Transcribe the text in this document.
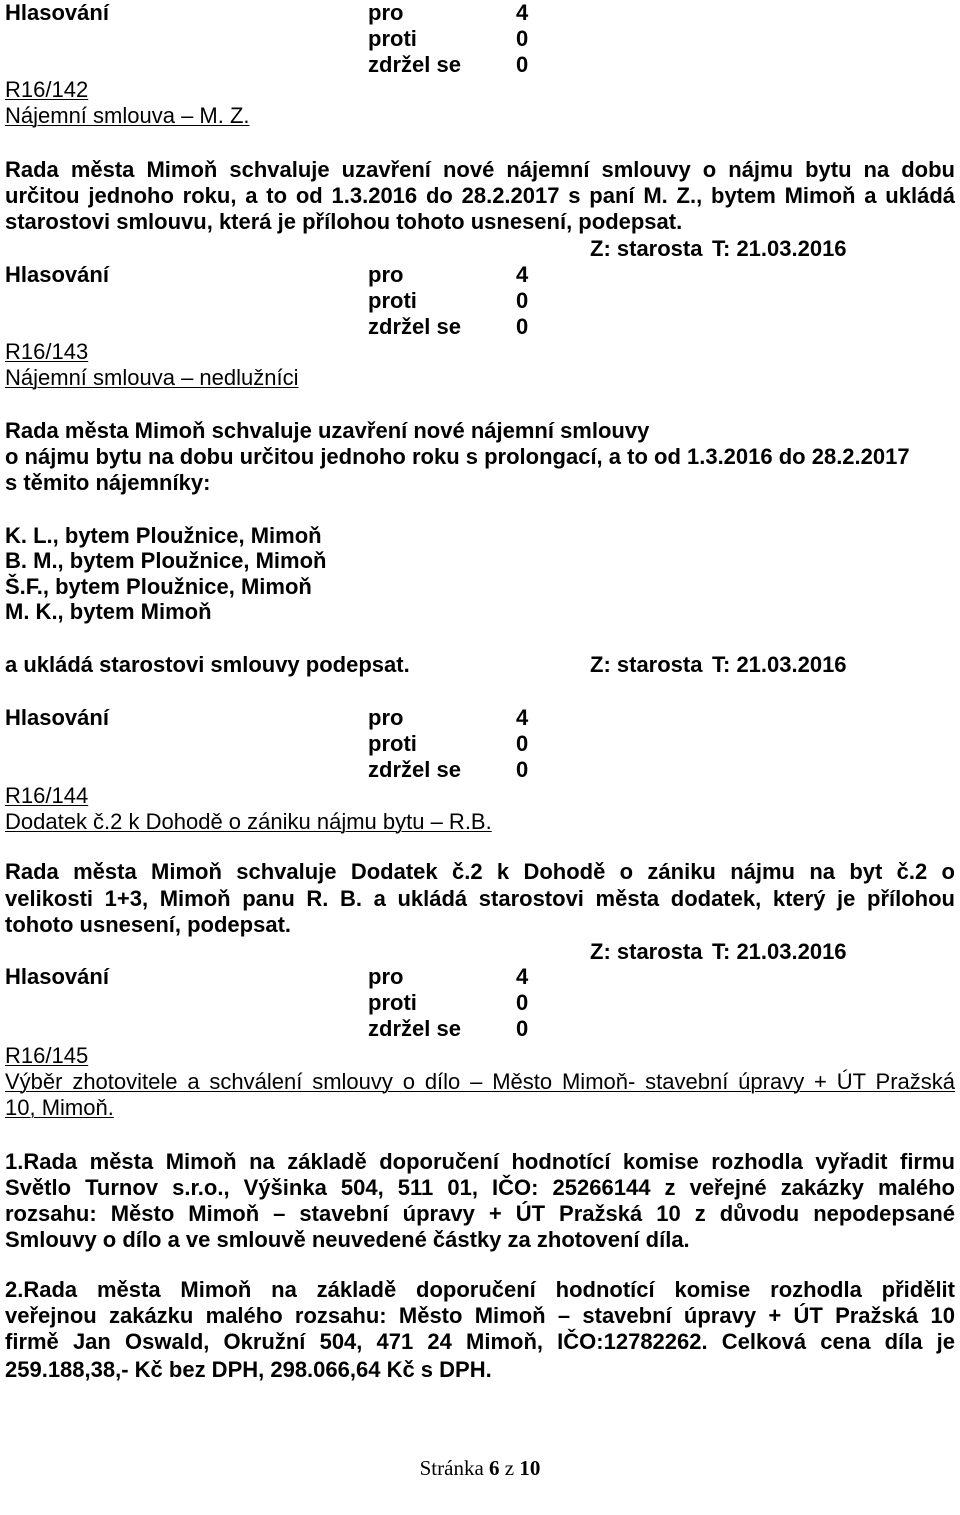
Hlasování	pro	4
proti	0
zdržel se	0
R16/142
Nájemní smlouva – M. Z.
Rada města Mimoň schvaluje uzavření nové nájemní smlouvy o nájmu bytu na dobu
určitou jednoho roku, a to od 1.3.2016 do 28.2.2017 s paní M. Z., bytem Mimoň a ukládá
starostovi smlouvu, která je přílohou tohoto usnesení, podepsat.
Z: starosta T: 21.03.2016
Hlasování	pro	4
proti	0
zdržel se	0
R16/143
Nájemní smlouva – nedlužníci
Rada města Mimoň schvaluje uzavření nové nájemní smlouvy
o nájmu bytu na dobu určitou jednoho roku s prolongací, a to od 1.3.2016 do 28.2.2017
s těmito nájemníky:
K. L., bytem Ploužnice, Mimoň
B. M., bytem Ploužnice, Mimoň
Š.F., bytem Ploužnice, Mimoň
M. K., bytem Mimoň
a ukládá starostovi smlouvy podepsat.	Z: starosta T: 21.03.2016
Hlasování	pro	4
proti	0
zdržel se	0
R16/144
Dodatek č.2 k Dohodě o zániku nájmu bytu – R.B.
Rada města Mimoň schvaluje Dodatek č.2 k Dohodě o zániku nájmu na byt č.2 o
velikosti 1+3, Mimoň panu R. B. a ukládá starostovi města dodatek, který je přílohou
tohoto usnesení, podepsat.
Z: starosta T: 21.03.2016
Hlasování	pro	4
proti	0
zdržel se	0
R16/145
Výběr zhotovitele a schválení smlouvy o dílo – Město Mimoň- stavební úpravy + ÚT Pražská
10, Mimoň.
1.Rada města Mimoň na základě doporučení hodnotící komise rozhodla vyřadit firmu
Světlo Turnov s.r.o., Výšinka 504, 511 01, IČO: 25266144 z veřejné zakázky malého
rozsahu: Město Mimoň – stavební úpravy + ÚT Pražská 10 z důvodu nepodepsané
Smlouvy o dílo a ve smlouvě neuvedené částky za zhotovení díla.
2.Rada města Mimoň na základě doporučení hodnotící komise rozhodla přidělit
veřejnou zakázku malého rozsahu: Město Mimoň – stavební úpravy + ÚT Pražská 10
firmě Jan Oswald, Okružní 504, 471 24 Mimoň, IČO:12782262. Celková cena díla je
259.188,38,- Kč bez DPH, 298.066,64 Kč s DPH.
Stránka 6 z 10
